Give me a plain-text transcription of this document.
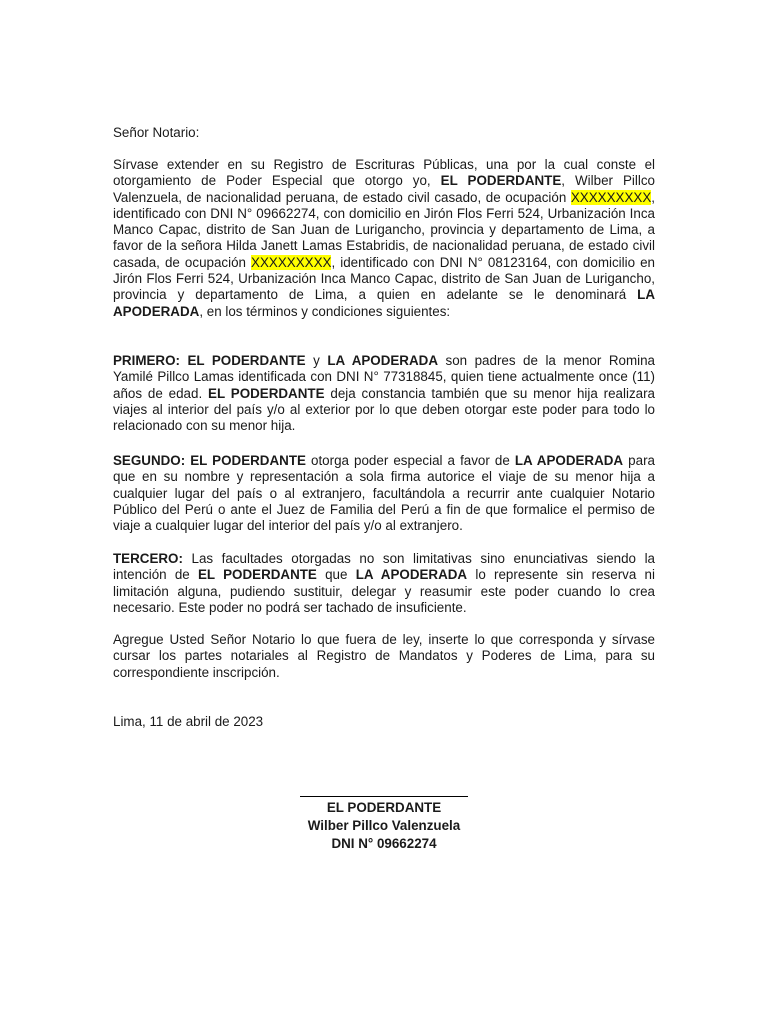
Señor Notario:
Sírvase extender en su Registro de Escrituras Públicas, una por la cual conste el otorgamiento de Poder Especial que otorgo yo, EL PODERDANTE, Wilber Pillco Valenzuela, de nacionalidad peruana, de estado civil casado, de ocupación XXXXXXXXX, identificado con DNI N° 09662274, con domicilio en Jirón Flos Ferri 524, Urbanización Inca Manco Capac, distrito de San Juan de Lurigancho, provincia y departamento de Lima, a favor de la señora Hilda Janett Lamas Estabridis, de nacionalidad peruana, de estado civil casada, de ocupación XXXXXXXXX, identificado con DNI N° 08123164, con domicilio en Jirón Flos Ferri 524, Urbanización Inca Manco Capac, distrito de San Juan de Lurigancho, provincia y departamento de Lima, a quien en adelante se le denominará LA APODERADA, en los términos y condiciones siguientes:
PRIMERO: EL PODERDANTE y LA APODERADA son padres de la menor Romina Yamilé Pillco Lamas identificada con DNI N° 77318845, quien tiene actualmente once (11) años de edad. EL PODERDANTE deja constancia también que su menor hija realizara viajes al interior del país y/o al exterior por lo que deben otorgar este poder para todo lo relacionado con su menor hija.
SEGUNDO: EL PODERDANTE otorga poder especial a favor de LA APODERADA para que en su nombre y representación a sola firma autorice el viaje de su menor hija a cualquier lugar del país o al extranjero, facultándola a recurrir ante cualquier Notario Público del Perú o ante el Juez de Familia del Perú a fin de que formalice el permiso de viaje a cualquier lugar del interior del país y/o al extranjero.
TERCERO: Las facultades otorgadas no son limitativas sino enunciativas siendo la intención de EL PODERDANTE que LA APODERADA lo represente sin reserva ni limitación alguna, pudiendo sustituir, delegar y reasumir este poder cuando lo crea necesario. Este poder no podrá ser tachado de insuficiente.
Agregue Usted Señor Notario lo que fuera de ley, inserte lo que corresponda y sírvase cursar los partes notariales al Registro de Mandatos y Poderes de Lima, para su correspondiente inscripción.
Lima, 11 de abril de 2023
EL PODERDANTE
Wilber Pillco Valenzuela
DNI N° 09662274
